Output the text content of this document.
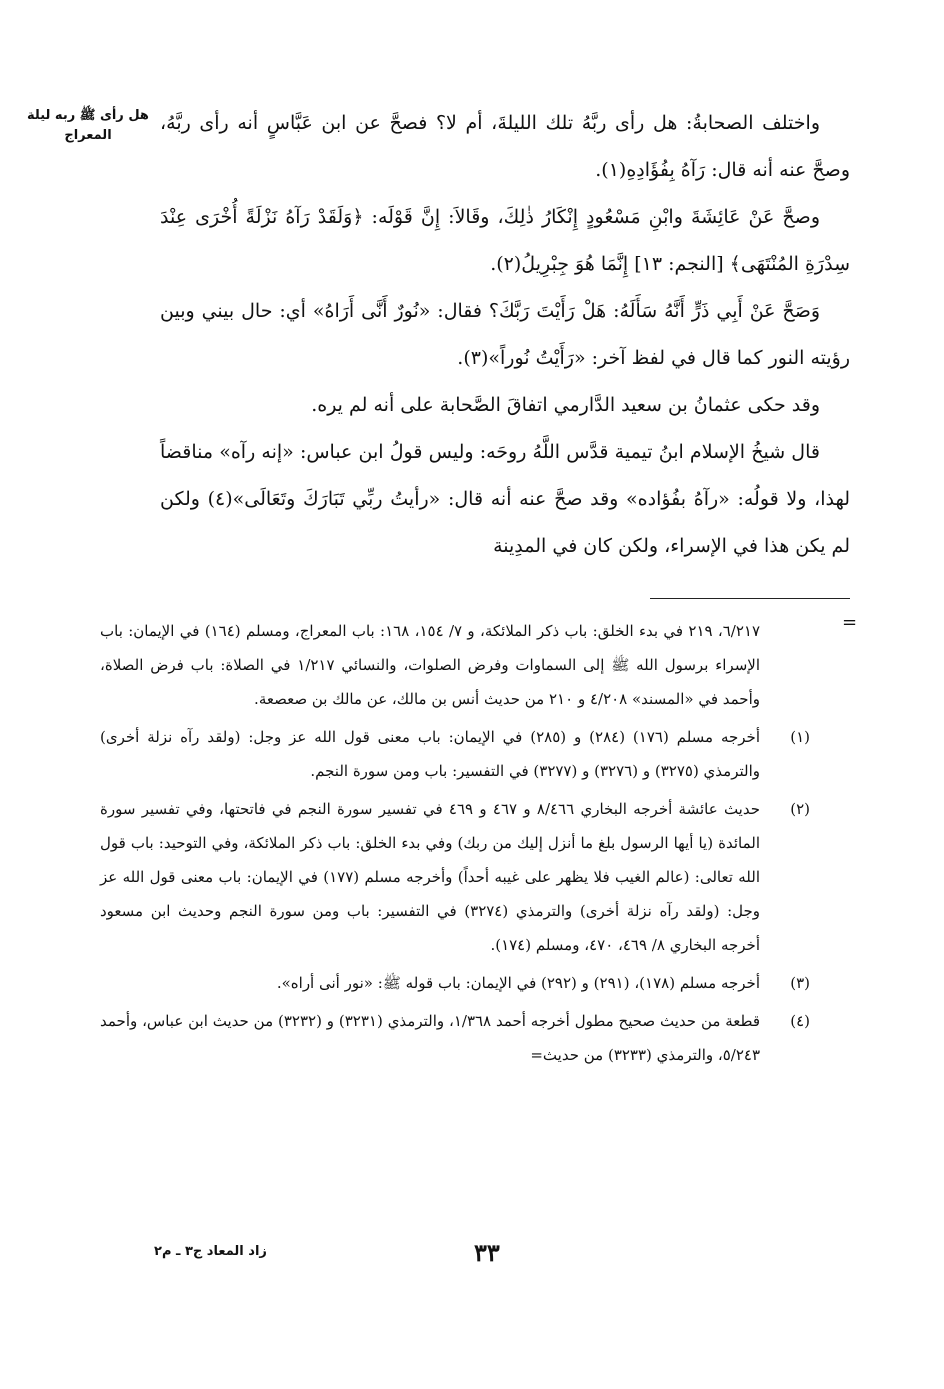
هل رأى ﷺ ربه ليلة المعراج

واختلف الصحابةُ: هل رأى ربَّهُ تلك الليلةَ، أم لا؟ فصحَّ عن ابن عَبَّاسٍ أنه رأى ربَّهُ، وصحَّ عنه أنه قال: رَآهُ بِفُؤَادِهِ(١).

وصحَّ عَنْ عَائِشَةَ وابْنِ مَسْعُودٍ إِنْكَارُ ذٰلِكَ، وقَالاَ: إِنَّ قَوْلَه: ﴿وَلَقَدْ رَآهُ نَزْلَةً أُخْرَى عِنْدَ سِدْرَةِ المُنْتَهَى﴾ [النجم: ١٣] إِنَّمَا هُوَ جِبْرِيلُ(٢).

وَصَحَّ عَنْ أَبِي ذَرٍّ أَنَّهُ سَأَلَهُ: هَلْ رَأَيْتَ رَبَّكَ؟ فقال: «نُورٌ أَنَّى أَرَاهُ» أي: حال بيني وبين رؤيته النور كما قال في لفظ آخر: «رَأَيْتُ نُوراً»(٣).

وقد حكى عثمانُ بن سعيد الدَّارمي اتفاقَ الصَّحابة على أنه لم يره.

قال شيخُ الإسلام ابنُ تيمية قدَّس اللَّهُ روحَه: وليس قولُ ابن عباس: «إنه رآه» مناقضاً لهذا، ولا قولُه: «رآهُ بفُؤاده» وقد صحَّ عنه أنه قال: «رأيتُ ربِّي تَبَارَكَ وتَعَالَى»(٤) ولكن لم يكن هذا في الإسراء، ولكن كان في المدِينة

=
٦/٢١٧، ٢١٩ في بدء الخلق: باب ذكر الملائكة، و ٧/ ١٥٤، ١٦٨: باب المعراج، ومسلم (١٦٤) في الإيمان: باب الإسراء برسول الله ﷺ إلى السماوات وفرض الصلوات، والنسائي ١/٢١٧ في الصلاة: باب فرض الصلاة، وأحمد في «المسند» ٤/٢٠٨ و ٢١٠ من حديث أنس بن مالك، عن مالك بن صعصعة.
(١)
أخرجه مسلم (١٧٦) (٢٨٤) و (٢٨٥) في الإيمان: باب معنى قول الله عز وجل: (ولقد رآه نزلة أخرى) والترمذي (٣٢٧٥) و (٣٢٧٦) و (٣٢٧٧) في التفسير: باب ومن سورة النجم.
(٢)
حديث عائشة أخرجه البخاري ٨/٤٦٦ و ٤٦٧ و ٤٦٩ في تفسير سورة النجم في فاتحتها، وفي تفسير سورة المائدة (يا أيها الرسول بلغ ما أنزل إليك من ربك) وفي بدء الخلق: باب ذكر الملائكة، وفي التوحيد: باب قول الله تعالى: (عالم الغيب فلا يظهر على غيبه أحداً) وأخرجه مسلم (١٧٧) في الإيمان: باب معنى قول الله عز وجل: (ولقد رآه نزلة أخرى) والترمذي (٣٢٧٤) في التفسير: باب ومن سورة النجم وحديث ابن مسعود أخرجه البخاري ٨/ ٤٦٩، ٤٧٠، ومسلم (١٧٤).
(٣)
أخرجه مسلم (١٧٨)، (٢٩١) و (٢٩٢) في الإيمان: باب قوله ﷺ: «نور أنى أراه».
(٤)
قطعة من حديث صحيح مطول أخرجه أحمد ١/٣٦٨، والترمذي (٣٢٣١) و (٣٢٣٢) من حديث ابن عباس، وأحمد ٥/٢٤٣، والترمذي (٣٢٣٣) من حديث=
٣٣
زاد المعاد ج٣ ـ م٢
